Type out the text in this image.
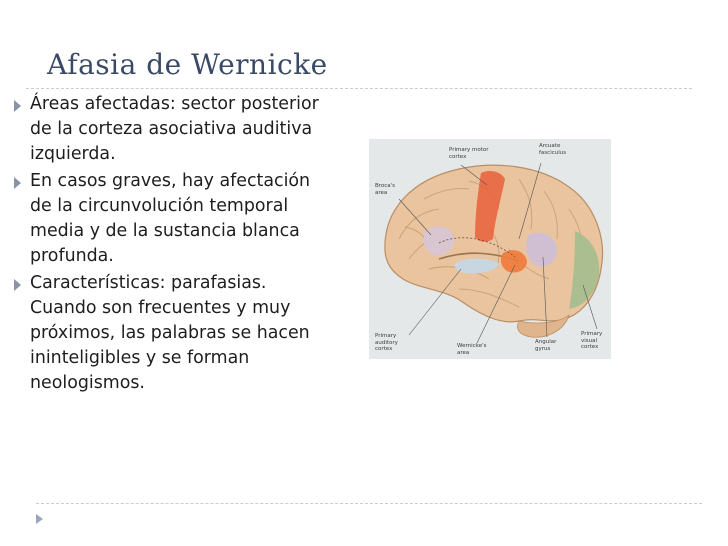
Afasia de Wernicke
Áreas afectadas: sector posterior de la corteza asociativa auditiva izquierda.
En casos graves, hay afectación de la circunvolución temporal media y de la sustancia blanca profunda.
Características: parafasias. Cuando son frecuentes y muy próximos, las palabras se hacen ininteligibles y se forman neologismos.
Primary motor cortex
Arcuate fasciculus
Broca's area
Primary auditory cortex	Wernicke's area
Angular gyrus
Primary visual cortex
